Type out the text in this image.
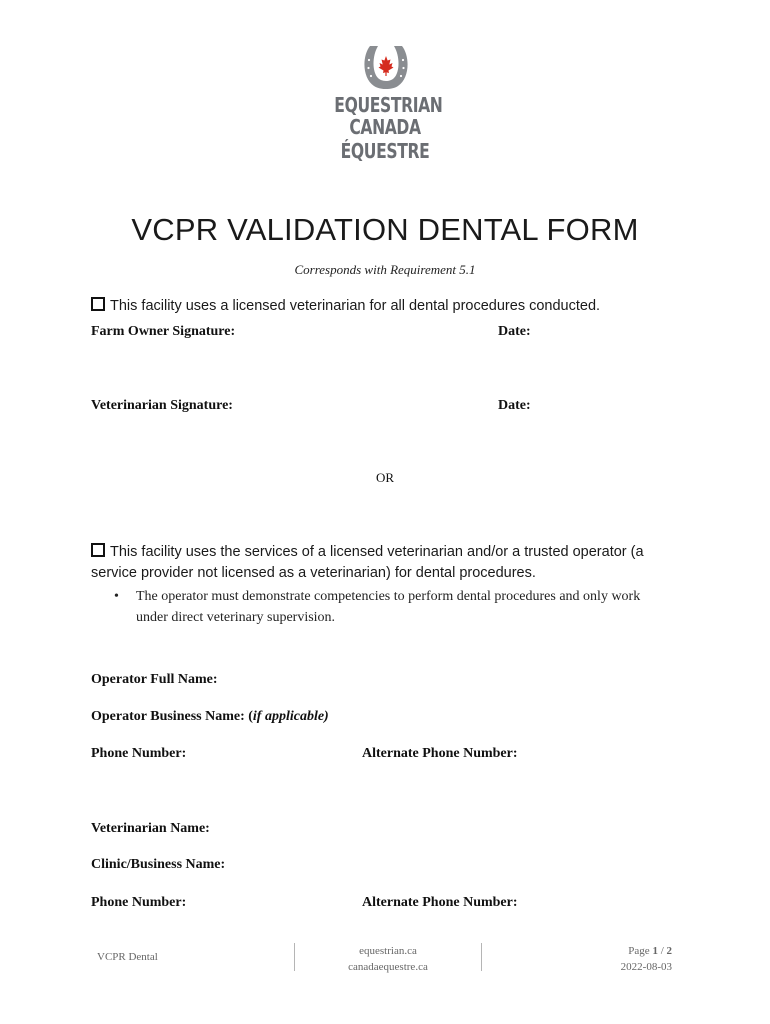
EQUESTRIAN
CANADA
ÉQUESTRE
VCPR VALIDATION DENTAL FORM
Corresponds with Requirement 5.1
This facility uses a licensed veterinarian for all dental procedures conducted.
Farm Owner Signature:	Date:
Veterinarian Signature:	Date:
OR
This facility uses the services of a licensed veterinarian and/or a trusted operator (a
service provider not licensed as a veterinarian) for dental procedures.
• The operator must demonstrate competencies to perform dental procedures and only work
under direct veterinary supervision.
Operator Full Name:
Operator Business Name: (if applicable)
Phone Number:	Alternate Phone Number:
Veterinarian Name:
Clinic/Business Name:
Phone Number:	Alternate Phone Number:
VCPR Dental	equestrian.ca
canadaequestre.ca
Page 1 / 2
2022-08-03
